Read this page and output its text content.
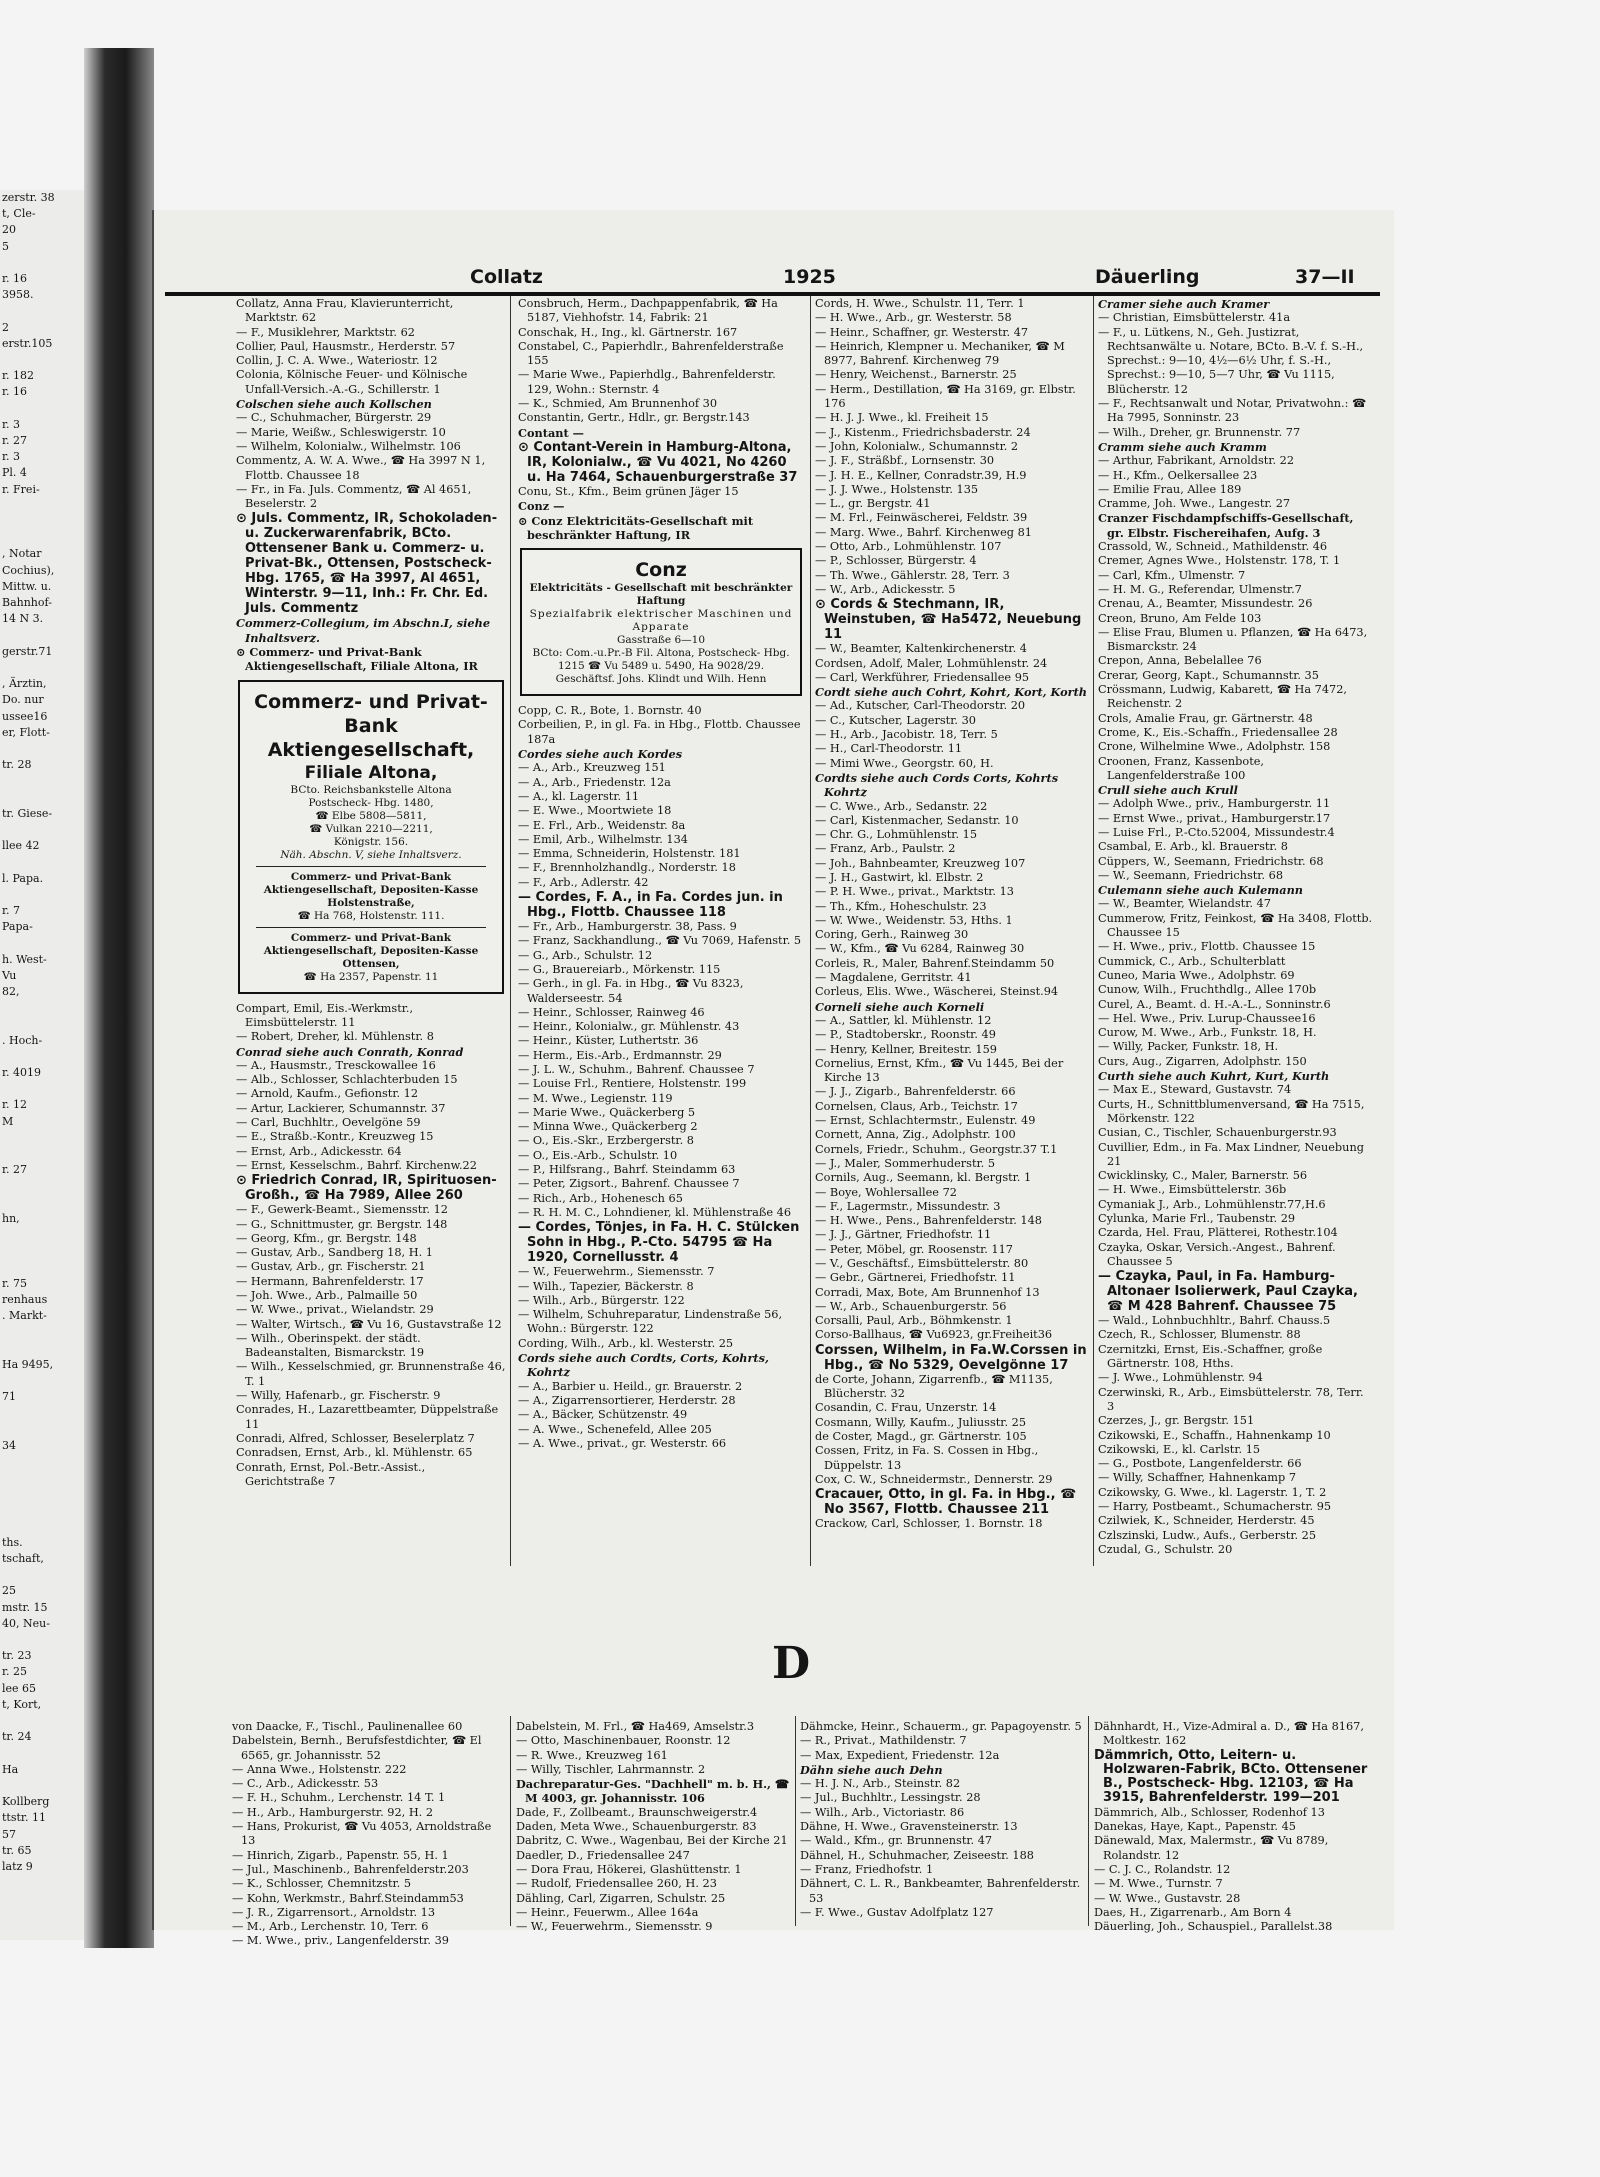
zerstr. 38
t, Cle-
20
5

r. 16
3958.

2
erstr.105

r. 182
r. 16

r. 3
r. 27
r. 3
Pl. 4
r. Frei-

, Notar
Cochius),
Mittw. u.
Bahnhof-
14 N 3.

gerstr.71

, Ärztin,
Do. nur
ussee16
er, Flott-

tr. 28

tr. Giese-

llee 42

l. Papa.

r. 7
Papa-

h. West-
Vu
82,

. Hoch-

r. 4019

r. 12
M

r. 27

hn,

r. 75
renhaus
. Markt-

Ha 9495,

71

34

ths.
tschaft,

25
mstr. 15
40, Neu-

tr. 23
r. 25
lee 65
t, Kort,

tr. 24

Ha

Kollberg
ttstr. 11
57
tr. 65
latz 9
Collatz	1925	Däuerling	37—II
Collatz, Anna Frau, Klavierunterricht, Marktstr. 62
— F., Musiklehrer, Marktstr. 62
Collier, Paul, Hausmstr., Herderstr. 57
Collin, J. C. A. Wwe., Wateriostr. 12
Colonia, Kölnische Feuer- und Kölnische Unfall-Versich.-A.-G., Schillerstr. 1
Colschen siehe auch Kollschen
— C., Schuhmacher, Bürgerstr. 29
— Marie, Weißw., Schleswigerstr. 10
— Wilhelm, Kolonialw., Wilhelmstr. 106
Commentz, A. W. A. Wwe., ☎ Ha 3997 N 1, Flottb. Chaussee 18
— Fr., in Fa. Juls. Commentz, ☎ Al 4651, Beselerstr. 2
⊙ Juls. Commentz, IR, Schokoladen- u. Zuckerwarenfabrik, BCto. Ottensener Bank u. Commerz- u. Privat-Bk., Ottensen, Postscheck-Hbg. 1765, ☎ Ha 3997, Al 4651, Winterstr. 9—11, Inh.: Fr. Chr. Ed. Juls. Commentz
Commerz-Collegium, im Abschn.I, siehe Inhaltsverz.
⊙ Commerz- und Privat-Bank Aktiengesellschaft, Filiale Altona, IR
Commerz- und Privat-Bank Aktiengesellschaft,
Filiale Altona,
BCto. Reichsbankstelle Altona
Postscheck- Hbg. 1480,
☎ Elbe 5808—5811,
☎ Vulkan 2210—2211,
Königstr. 156.
Näh. Abschn. V, siehe Inhaltsverz.
Commerz- und Privat-Bank Aktiengesellschaft, Depositen-Kasse Holstenstraße,
☎ Ha 768, Holstenstr. 111.
Commerz- und Privat-Bank Aktiengesellschaft, Depositen-Kasse Ottensen,
☎ Ha 2357, Papenstr. 11
Compart, Emil, Eis.-Werkmstr., Eimsbüttelerstr. 11
— Robert, Dreher, kl. Mühlenstr. 8
Conrad siehe auch Conrath, Konrad
— A., Hausmstr., Tresckowallee 16
— Alb., Schlosser, Schlachterbuden 15
— Arnold, Kaufm., Gefionstr. 12
— Artur, Lackierer, Schumannstr. 37
— Carl, Buchhltr., Oevelgöne 59
— E., Straßb.-Kontr., Kreuzweg 15
— Ernst, Arb., Adickesstr. 64
— Ernst, Kesselschm., Bahrf. Kirchenw.22
⊙ Friedrich Conrad, IR, Spirituosen-Großh., ☎ Ha 7989, Allee 260
— F., Gewerk-Beamt., Siemensstr. 12
— G., Schnittmuster, gr. Bergstr. 148
— Georg, Kfm., gr. Bergstr. 148
— Gustav, Arb., Sandberg 18, H. 1
— Gustav, Arb., gr. Fischerstr. 21
— Hermann, Bahrenfelderstr. 17
— Joh. Wwe., Arb., Palmaille 50
— W. Wwe., privat., Wielandstr. 29
— Walter, Wirtsch., ☎ Vu 16, Gustavstraße 12
— Wilh., Oberinspekt. der städt. Badeanstalten, Bismarckstr. 19
— Wilh., Kesselschmied, gr. Brunnenstraße 46, T. 1
— Willy, Hafenarb., gr. Fischerstr. 9
Conrades, H., Lazarettbeamter, Düppelstraße 11
Conradi, Alfred, Schlosser, Beselerplatz 7
Conradsen, Ernst, Arb., kl. Mühlenstr. 65
Conrath, Ernst, Pol.-Betr.-Assist., Gerichtstraße 7
Consbruch, Herm., Dachpappenfabrik, ☎ Ha 5187, Viehhofstr. 14, Fabrik: 21
Conschak, H., Ing., kl. Gärtnerstr. 167
Constabel, C., Papierhdlr., Bahrenfelderstraße 155
— Marie Wwe., Papierhdlg., Bahrenfelderstr. 129, Wohn.: Sternstr. 4
— K., Schmied, Am Brunnenhof 30
Constantin, Gertr., Hdlr., gr. Bergstr.143
Contant —
⊙ Contant-Verein in Hamburg-Altona, IR, Kolonialw., ☎ Vu 4021, No 4260 u. Ha 7464, Schauenburgerstraße 37
Conu, St., Kfm., Beim grünen Jäger 15
Conz —
⊙ Conz Elektricitäts-Gesellschaft mit beschränkter Haftung, IR
Conz
Elektricitäts - Gesellschaft mit beschränkter Haftung
Spezialfabrik elektrischer Maschinen und Apparate
Gasstraße 6—10
BCto: Com.-u.Pr.-B Fil. Altona, Postscheck- Hbg. 1215 ☎ Vu 5489 u. 5490, Ha 9028/29. Geschäftsf. Johs. Klindt und Wilh. Henn
Copp, C. R., Bote, 1. Bornstr. 40
Corbeilien, P., in gl. Fa. in Hbg., Flottb. Chaussee 187a
Cordes siehe auch Kordes
— A., Arb., Kreuzweg 151
— A., Arb., Friedenstr. 12a
— A., kl. Lagerstr. 11
— E. Wwe., Moortwiete 18
— E. Frl., Arb., Weidenstr. 8a
— Emil, Arb., Wilhelmstr. 134
— Emma, Schneiderin, Holstenstr. 181
— F., Brennholzhandlg., Norderstr. 18
— F., Arb., Adlerstr. 42
— Cordes, F. A., in Fa. Cordes jun. in Hbg., Flottb. Chaussee 118
— Fr., Arb., Hamburgerstr. 38, Pass. 9
— Franz, Sackhandlung., ☎ Vu 7069, Hafenstr. 5
— G., Arb., Schulstr. 12
— G., Brauereiarb., Mörkenstr. 115
— Gerh., in gl. Fa. in Hbg., ☎ Vu 8323, Walderseestr. 54
— Heinr., Schlosser, Rainweg 46
— Heinr., Kolonialw., gr. Mühlenstr. 43
— Heinr., Küster, Luthertstr. 36
— Herm., Eis.-Arb., Erdmannstr. 29
— J. L. W., Schuhm., Bahrenf. Chaussee 7
— Louise Frl., Rentiere, Holstenstr. 199
— M. Wwe., Legienstr. 119
— Marie Wwe., Quäckerberg 5
— Minna Wwe., Quäckerberg 2
— O., Eis.-Skr., Erzbergerstr. 8
— O., Eis.-Arb., Schulstr. 10
— P., Hilfsrang., Bahrf. Steindamm 63
— Peter, Zigsort., Bahrenf. Chaussee 7
— Rich., Arb., Hohenesch 65
— R. H. M. C., Lohndiener, kl. Mühlenstraße 46
— Cordes, Tönjes, in Fa. H. C. Stülcken Sohn in Hbg., P.-Cto. 54795 ☎ Ha 1920, Cornellusstr. 4
— W., Feuerwehrm., Siemensstr. 7
— Wilh., Tapezier, Bäckerstr. 8
— Wilh., Arb., Bürgerstr. 122
— Wilhelm, Schuhreparatur, Lindenstraße 56, Wohn.: Bürgerstr. 122
Cording, Wilh., Arb., kl. Westerstr. 25
Cords siehe auch Cordts, Corts, Kohrts, Kohrtz
— A., Barbier u. Heild., gr. Brauerstr. 2
— A., Zigarrensortierer, Herderstr. 28
— A., Bäcker, Schützenstr. 49
— A. Wwe., Schenefeld, Allee 205
— A. Wwe., privat., gr. Westerstr. 66
Cords, H. Wwe., Schulstr. 11, Terr. 1
— H. Wwe., Arb., gr. Westerstr. 58
— Heinr., Schaffner, gr. Westerstr. 47
— Heinrich, Klempner u. Mechaniker, ☎ M 8977, Bahrenf. Kirchenweg 79
— Henry, Weichenst., Barnerstr. 25
— Herm., Destillation, ☎ Ha 3169, gr. Elbstr. 176
— H. J. J. Wwe., kl. Freiheit 15
— J., Kistenm., Friedrichsbaderstr. 24
— John, Kolonialw., Schumannstr. 2
— J. F., Sträßbf., Lornsenstr. 30
— J. H. E., Kellner, Conradstr.39, H.9
— J. J. Wwe., Holstenstr. 135
— L., gr. Bergstr. 41
— M. Frl., Feinwäscherei, Feldstr. 39
— Marg. Wwe., Bahrf. Kirchenweg 81
— Otto, Arb., Lohmühlenstr. 107
— P., Schlosser, Bürgerstr. 4
— Th. Wwe., Gählerstr. 28, Terr. 3
— W., Arb., Adickesstr. 5
⊙ Cords & Stechmann, IR, Weinstuben, ☎ Ha5472, Neuebung 11
— W., Beamter, Kaltenkirchenerstr. 4
Cordsen, Adolf, Maler, Lohmühlenstr. 24
— Carl, Werkführer, Friedensallee 95
Cordt siehe auch Cohrt, Kohrt, Kort, Korth
— Ad., Kutscher, Carl-Theodorstr. 20
— C., Kutscher, Lagerstr. 30
— H., Arb., Jacobistr. 18, Terr. 5
— H., Carl-Theodorstr. 11
— Mimi Wwe., Georgstr. 60, H.
Cordts siehe auch Cords Corts, Kohrts Kohrtz
— C. Wwe., Arb., Sedanstr. 22
— Carl, Kistenmacher, Sedanstr. 10
— Chr. G., Lohmühlenstr. 15
— Franz, Arb., Paulstr. 2
— Joh., Bahnbeamter, Kreuzweg 107
— J. H., Gastwirt, kl. Elbstr. 2
— P. H. Wwe., privat., Marktstr. 13
— Th., Kfm., Hoheschulstr. 23
— W. Wwe., Weidenstr. 53, Hths. 1
Coring, Gerh., Rainweg 30
— W., Kfm., ☎ Vu 6284, Rainweg 30
Corleis, R., Maler, Bahrenf.Steindamm 50
— Magdalene, Gerritstr. 41
Corleus, Elis. Wwe., Wäscherei, Steinst.94
Corneli siehe auch Korneli
— A., Sattler, kl. Mühlenstr. 12
— P., Stadtoberskr., Roonstr. 49
— Henry, Kellner, Breitestr. 159
Cornelius, Ernst, Kfm., ☎ Vu 1445, Bei der Kirche 13
— J. J., Zigarb., Bahrenfelderstr. 66
Cornelsen, Claus, Arb., Teichstr. 17
— Ernst, Schlachtermstr., Eulenstr. 49
Cornett, Anna, Zig., Adolphstr. 100
Cornels, Friedr., Schuhm., Georgstr.37 T.1
— J., Maler, Sommerhuderstr. 5
Cornils, Aug., Seemann, kl. Bergstr. 1
— Boye, Wohlersallee 72
— F., Lagermstr., Missundestr. 3
— H. Wwe., Pens., Bahrenfelderstr. 148
— J. J., Gärtner, Friedhofstr. 11
— Peter, Möbel, gr. Roosenstr. 117
— V., Geschäftsf., Eimsbüttelerstr. 80
— Gebr., Gärtnerei, Friedhofstr. 11
Corradi, Max, Bote, Am Brunnenhof 13
— W., Arb., Schauenburgerstr. 56
Corsalli, Paul, Arb., Böhmkenstr. 1
Corso-Ballhaus, ☎ Vu6923, gr.Freiheit36
Corssen, Wilhelm, in Fa.W.Corssen in Hbg., ☎ No 5329, Oevelgönne 17
de Corte, Johann, Zigarrenfb., ☎ M1135, Blücherstr. 32
Cosandin, C. Frau, Unzerstr. 14
Cosmann, Willy, Kaufm., Juliusstr. 25
de Coster, Magd., gr. Gärtnerstr. 105
Cossen, Fritz, in Fa. S. Cossen in Hbg., Düppelstr. 13
Cox, C. W., Schneidermstr., Dennerstr. 29
Cracauer, Otto, in gl. Fa. in Hbg., ☎ No 3567, Flottb. Chaussee 211
Crackow, Carl, Schlosser, 1. Bornstr. 18
Cramer siehe auch Kramer
— Christian, Eimsbüttelerstr. 41a
— F., u. Lütkens, N., Geh. Justizrat, Rechtsanwälte u. Notare, BCto. B.-V. f. S.-H., Sprechst.: 9—10, 4½—6½ Uhr, f. S.-H., Sprechst.: 9—10, 5—7 Uhr, ☎ Vu 1115, Blücherstr. 12
— F., Rechtsanwalt und Notar, Privatwohn.: ☎ Ha 7995, Sonninstr. 23
— Wilh., Dreher, gr. Brunnenstr. 77
Cramm siehe auch Kramm
— Arthur, Fabrikant, Arnoldstr. 22
— H., Kfm., Oelkersallee 23
— Emilie Frau, Allee 189
Cramme, Joh. Wwe., Langestr. 27
Cranzer Fischdampfschiffs-Gesellschaft, gr. Elbstr. Fischereihafen, Aufg. 3
Crassold, W., Schneid., Mathildenstr. 46
Cremer, Agnes Wwe., Holstenstr. 178, T. 1
— Carl, Kfm., Ulmenstr. 7
— H. M. G., Referendar, Ulmenstr.7
Crenau, A., Beamter, Missundestr. 26
Creon, Bruno, Am Felde 103
— Elise Frau, Blumen u. Pflanzen, ☎ Ha 6473, Bismarckstr. 24
Crepon, Anna, Bebelallee 76
Crerar, Georg, Kapt., Schumannstr. 35
Crössmann, Ludwig, Kabarett, ☎ Ha 7472, Reichenstr. 2
Crols, Amalie Frau, gr. Gärtnerstr. 48
Crome, K., Eis.-Schaffn., Friedensallee 28
Crone, Wilhelmine Wwe., Adolphstr. 158
Croonen, Franz, Kassenbote, Langenfelderstraße 100
Crull siehe auch Krull
— Adolph Wwe., priv., Hamburgerstr. 11
— Ernst Wwe., privat., Hamburgerstr.17
— Luise Frl., P.-Cto.52004, Missundestr.4
Csambal, E. Arb., kl. Brauerstr. 8
Cüppers, W., Seemann, Friedrichstr. 68
— W., Seemann, Friedrichstr. 68
Culemann siehe auch Kulemann
— W., Beamter, Wielandstr. 47
Cummerow, Fritz, Feinkost, ☎ Ha 3408, Flottb. Chaussee 15
— H. Wwe., priv., Flottb. Chaussee 15
Cummick, C., Arb., Schulterblatt
Cuneo, Maria Wwe., Adolphstr. 69
Cunow, Wilh., Fruchthdlg., Allee 170b
Curel, A., Beamt. d. H.-A.-L., Sonninstr.6
— Hel. Wwe., Priv. Lurup-Chaussee16
Curow, M. Wwe., Arb., Funkstr. 18, H.
— Willy, Packer, Funkstr. 18, H.
Curs, Aug., Zigarren, Adolphstr. 150
Curth siehe auch Kuhrt, Kurt, Kurth
— Max E., Steward, Gustavstr. 74
Curts, H., Schnittblumenversand, ☎ Ha 7515, Mörkenstr. 122
Cusian, C., Tischler, Schauenburgerstr.93
Cuvillier, Edm., in Fa. Max Lindner, Neuebung 21
Cwicklinsky, C., Maler, Barnerstr. 56
— H. Wwe., Eimsbüttelerstr. 36b
Cymaniak J., Arb., Lohmühlenstr.77,H.6
Cylunka, Marie Frl., Taubenstr. 29
Czarda, Hel. Frau, Plätterei, Rothestr.104
Czayka, Oskar, Versich.-Angest., Bahrenf. Chaussee 5
— Czayka, Paul, in Fa. Hamburg-Altonaer Isolierwerk, Paul Czayka, ☎ M 428 Bahrenf. Chaussee 75
— Wald., Lohnbuchhltr., Bahrf. Chauss.5
Czech, R., Schlosser, Blumenstr. 88
Czernitzki, Ernst, Eis.-Schaffner, große Gärtnerstr. 108, Hths.
— J. Wwe., Lohmühlenstr. 94
Czerwinski, R., Arb., Eimsbüttelerstr. 78, Terr. 3
Czerzes, J., gr. Bergstr. 151
Czikowski, E., Schaffn., Hahnenkamp 10
Czikowski, E., kl. Carlstr. 15
— G., Postbote, Langenfelderstr. 66
— Willy, Schaffner, Hahnenkamp 7
Czikowsky, G. Wwe., kl. Lagerstr. 1, T. 2
— Harry, Postbeamt., Schumacherstr. 95
Czilwiek, K., Schneider, Herderstr. 45
Czlszinski, Ludw., Aufs., Gerberstr. 25
Czudal, G., Schulstr. 20
D
von Daacke, F., Tischl., Paulinenallee 60
Dabelstein, Bernh., Berufsfestdichter, ☎ El 6565, gr. Johannisstr. 52
— Anna Wwe., Holstenstr. 222
— C., Arb., Adickesstr. 53
— F. H., Schuhm., Lerchenstr. 14 T. 1
— H., Arb., Hamburgerstr. 92, H. 2
— Hans, Prokurist, ☎ Vu 4053, Arnoldstraße 13
— Hinrich, Zigarb., Papenstr. 55, H. 1
— Jul., Maschinenb., Bahrenfelderstr.203
— K., Schlosser, Chemnitzstr. 5
— Kohn, Werkmstr., Bahrf.Steindamm53
— J. R., Zigarrensort., Arnoldstr. 13
— M., Arb., Lerchenstr. 10, Terr. 6
— M. Wwe., priv., Langenfelderstr. 39
Dabelstein, M. Frl., ☎ Ha469, Amselstr.3
— Otto, Maschinenbauer, Roonstr. 12
— R. Wwe., Kreuzweg 161
— Willy, Tischler, Lahrmannstr. 2
Dachreparatur-Ges. "Dachhell" m. b. H., ☎ M 4003, gr. Johannisstr. 106
Dade, F., Zollbeamt., Braunschweigerstr.4
Daden, Meta Wwe., Schauenburgerstr. 83
Dabritz, C. Wwe., Wagenbau, Bei der Kirche 21
Daedler, D., Friedensallee 247
— Dora Frau, Hökerei, Glashüttenstr. 1
— Rudolf, Friedensallee 260, H. 23
Dähling, Carl, Zigarren, Schulstr. 25
— Heinr., Feuerwm., Allee 164a
— W., Feuerwehrm., Siemensstr. 9
Dähmcke, Heinr., Schauerm., gr. Papagoyenstr. 5
— R., Privat., Mathildenstr. 7
— Max, Expedient, Friedenstr. 12a
Dähn siehe auch Dehn
— H. J. N., Arb., Steinstr. 82
— Jul., Buchhltr., Lessingstr. 28
— Wilh., Arb., Victoriastr. 86
Dähne, H. Wwe., Gravensteinerstr. 13
— Wald., Kfm., gr. Brunnenstr. 47
Dähnel, H., Schuhmacher, Zeiseestr. 188
— Franz, Friedhofstr. 1
Dähnert, C. L. R., Bankbeamter, Bahrenfelderstr. 53
— F. Wwe., Gustav Adolfplatz 127
Dähnhardt, H., Vize-Admiral a. D., ☎ Ha 8167, Moltkestr. 162
Dämmrich, Otto, Leitern- u. Holzwaren-Fabrik, BCto. Ottensener B., Postscheck- Hbg. 12103, ☎ Ha 3915, Bahrenfelderstr. 199—201
Dämmrich, Alb., Schlosser, Rodenhof 13
Danekas, Haye, Kapt., Papenstr. 45
Dänewald, Max, Malermstr., ☎ Vu 8789, Rolandstr. 12
— C. J. C., Rolandstr. 12
— M. Wwe., Turnstr. 7
— W. Wwe., Gustavstr. 28
Daes, H., Zigarrenarb., Am Born 4
Däuerling, Joh., Schauspiel., Parallelst.38
